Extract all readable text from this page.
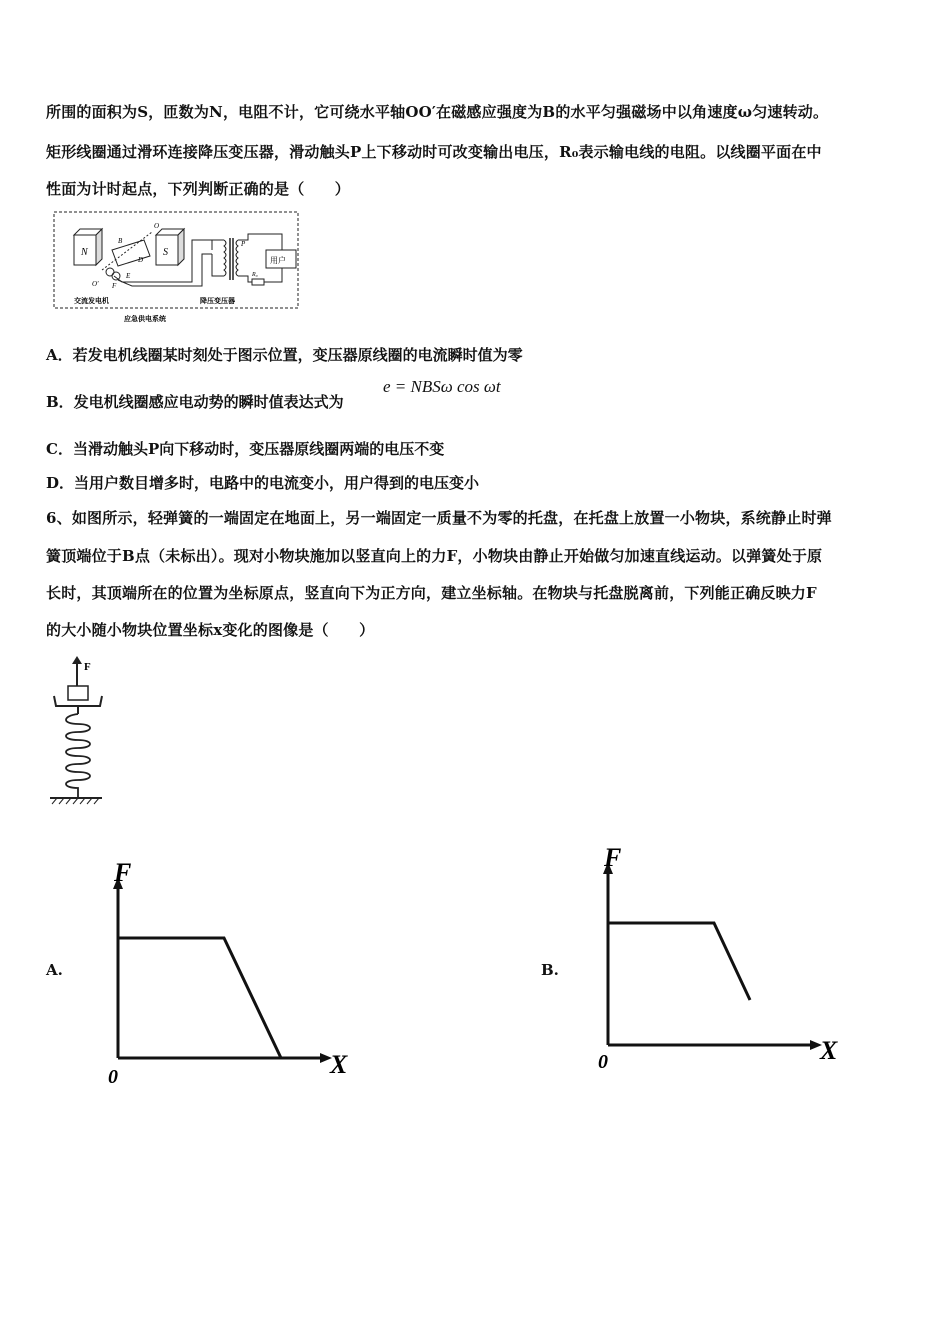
所围的面积为S，匝数为N，电阻不计，它可绕水平轴OO′在磁感应强度为B的水平匀强磁场中以角速度ω匀速转动。
矩形线圈通过滑环连接降压变压器，滑动触头P上下移动时可改变输出电压，R₀表示输电线的电阻。以线圈平面在中
性面为计时起点，下列判断正确的是（　　）
N	S
B
O
O′
D
E
F
P
用户
R₀
交流发电机	降压变压器
应急供电系统
A．若发电机线圈某时刻处于图示位置，变压器原线圈的电流瞬时值为零
B．发电机线圈感应电动势的瞬时值表达式为
e = NBSω cos ωt
C．当滑动触头P向下移动时，变压器原线圈两端的电压不变
D．当用户数目增多时，电路中的电流变小，用户得到的电压变小
6、如图所示，轻弹簧的一端固定在地面上，另一端固定一质量不为零的托盘，在托盘上放置一小物块，系统静止时弹
簧顶端位于B点（未标出）。现对小物块施加以竖直向上的力F，小物块由静止开始做匀加速直线运动。以弹簧处于原
长时，其顶端所在的位置为坐标原点，竖直向下为正方向，建立坐标轴。在物块与托盘脱离前，下列能正确反映力F
的大小随小物块位置坐标x变化的图像是（　　）
F
A.
F
X
0
B.
F
X
0
